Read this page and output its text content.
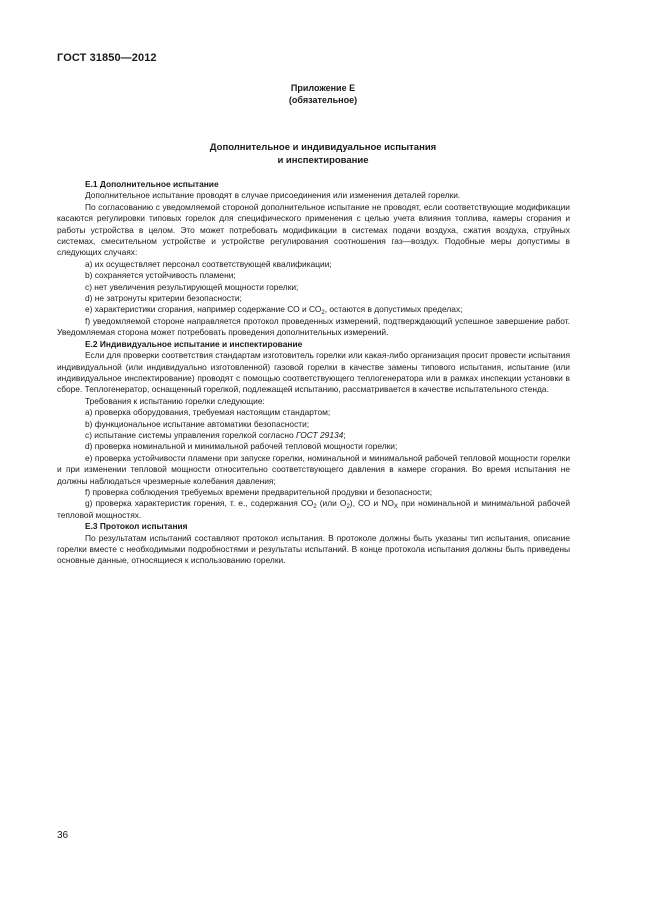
ГОСТ 31850—2012
Приложение Е
(обязательное)
Дополнительное и индивидуальное испытания
и инспектирование

Е.1 Дополнительное испытание

Дополнительное испытание проводят в случае присоединения или изменения деталей горелки.

По согласованию с уведомляемой стороной дополнительное испытание не проводят, если соответствующие модификации касаются регулировки типовых горелок для специфического применения с целью учета влияния топлива, камеры сгорания и работы устройства в целом. Это может потребовать модификации в системах подачи воздуха, сжатия воздуха, струйных системах, смесительном устройстве и устройстве регулирования соотношения газ—воздух. Подобные меры допустимы в следующих случаях:

а) их осуществляет персонал соответствующей квалификации;

b) сохраняется устойчивость пламени;

c) нет увеличения результирующей мощности горелки;

d) не затронуты критерии безопасности;

е) характеристики сгорания, например содержание СО и $СО_2$, остаются в допустимых пределах;

f) уведомляемой стороне направляется протокол проведенных измерений, подтверждающий успешное завершение работ. Уведомляемая сторона может потребовать проведения дополнительных измерений.

Е.2 Индивидуальное испытание и инспектирование

Если для проверки соответствия стандартам изготовитель горелки или какая-либо организация просит провести испытания индивидуальной (или индивидуально изготовленной) газовой горелки в качестве замены типового испытания, испытание (или индивидуальное инспектирование) проводят с помощью соответствующего теплогенератора или в рамках инспекции установки в сборе. Теплогенератор, оснащенный горелкой, подлежащей испытанию, рассматривается в качестве испытательного стенда.

Требования к испытанию горелки следующие:

а) проверка оборудования, требуемая настоящим стандартом;

b) функциональное испытание автоматики безопасности;

c) испытание системы управления горелкой согласно ГОСТ 29134;

d) проверка номинальной и минимальной рабочей тепловой мощности горелки;

е) проверка устойчивости пламени при запуске горелки, номинальной и минимальной рабочей тепловой мощности горелки и при изменении тепловой мощности относительно соответствующего давления в камере сгорания. Во время испытания не должны наблюдаться чрезмерные колебания давления;

f) проверка соблюдения требуемых времени предварительной продувки и безопасности;

g) проверка характеристик горения, т. е., содержания $СО_2$ (или $О_2$), СО и $NO_X$ при номинальной и минимальной рабочей тепловой мощностях.

Е.3 Протокол испытания

По результатам испытаний составляют протокол испытания. В протоколе должны быть указаны тип испытания, описание горелки вместе с необходимыми подробностями и результаты испытаний. В конце протокола испытания должны быть приведены основные данные, относящиеся к использованию горелки.

36
